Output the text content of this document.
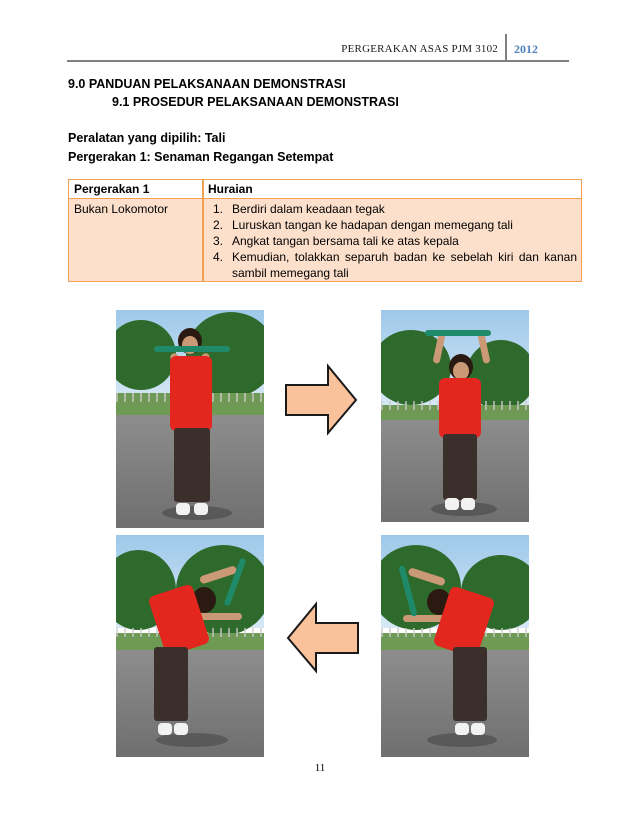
PERGERAKAN ASAS PJM 3102 2012
9.0 PANDUAN PELAKSANAAN DEMONSTRASI
9.1 PROSEDUR PELAKSANAAN DEMONSTRASI
Peralatan yang dipilih: Tali
Pergerakan 1: Senaman Regangan Setempat
Pergerakan 1	Huraian
Bukan Lokomotor	1. Berdiri dalam keadaan tegak
2. Luruskan tangan ke hadapan dengan memegang tali
3. Angkat tangan bersama tali ke atas kepala
4. Kemudian, tolakkan separuh badan ke sebelah kiri dan kanan sambil memegang tali
11
